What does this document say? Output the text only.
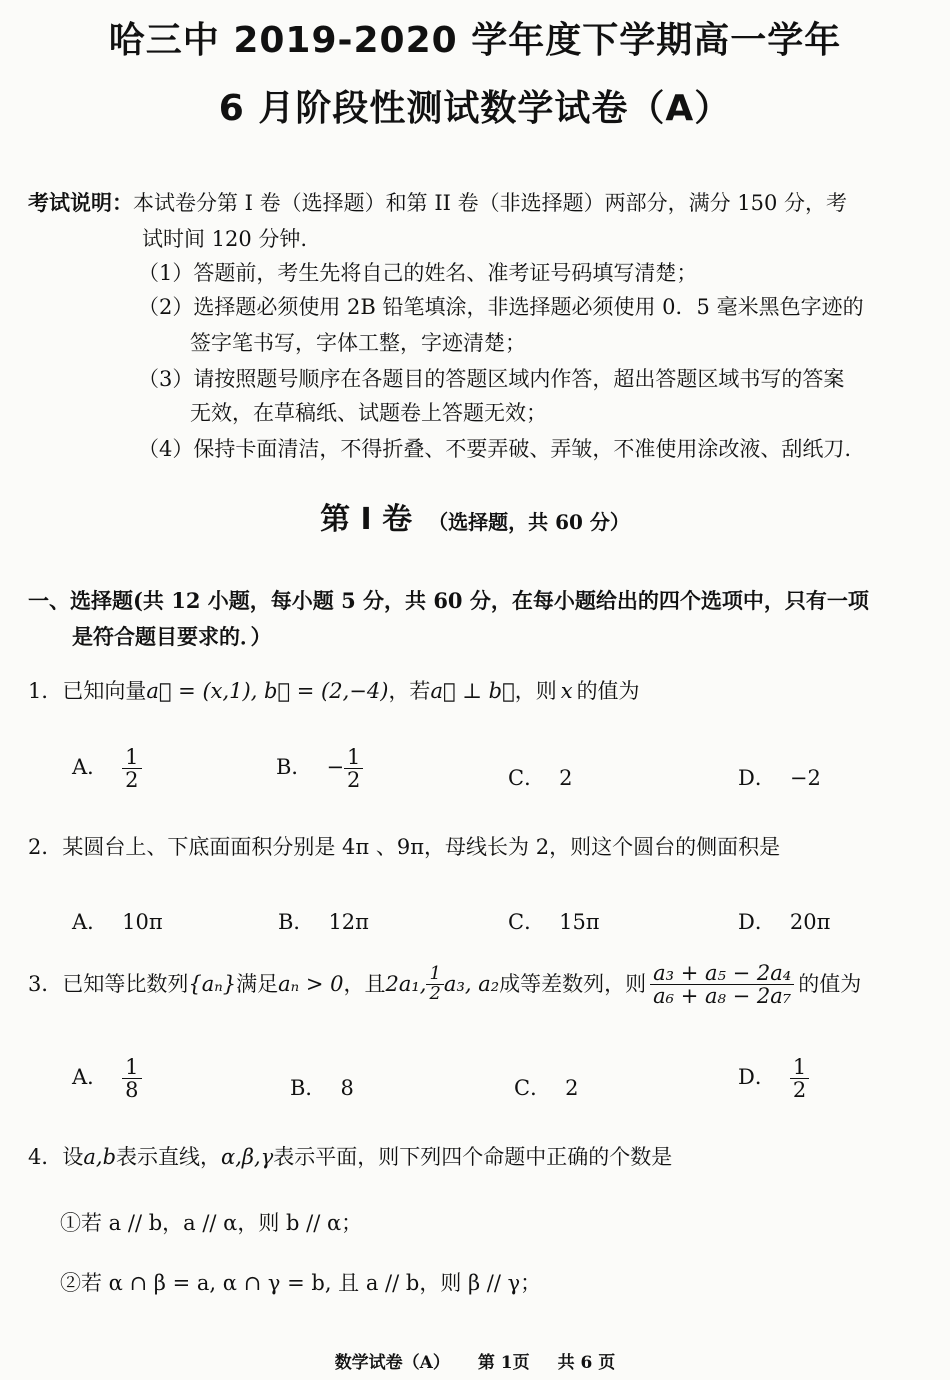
哈三中 2019-2020 学年度下学期高一学年
6 月阶段性测试数学试卷（A）
考试说明：本试卷分第 I 卷（选择题）和第 II 卷（非选择题）两部分，满分 150 分，考
试时间 120 分钟.
（1）答题前，考生先将自己的姓名、准考证号码填写清楚；
（2）选择题必须使用 2B 铅笔填涂，非选择题必须使用 0．5 毫米黑色字迹的
签字笔书写，字体工整，字迹清楚；
（3）请按照题号顺序在各题目的答题区域内作答，超出答题区域书写的答案
无效，在草稿纸、试题卷上答题无效；
（4）保持卡面清洁，不得折叠、不要弄破、弄皱，不准使用涂改液、刮纸刀.
第 I 卷 （选择题，共 60 分）
一、选择题(共 12 小题，每小题 5 分，共 60 分，在每小题给出的四个选项中，只有一项
是符合题目要求的．）
1．已知向量a⃗ = (x,1), b⃗ = (2,−4)，若a⃗ ⊥ b⃗，则 x 的值为
A． $\frac{1}{2}$	B． − $\frac{1}{2}$	C． 2	D． −2
2．某圆台上、下底面面积分别是 4π 、9π，母线长为 2，则这个圆台的侧面积是
A． 10π	B． 12π	C． 15π	D． 20π
3． 已知等比数列 {aₙ} 满足 aₙ > 0 ，且 2a₁, $\frac{1}{2} a_3$, a₂ 成等差数列，则 $\frac{\text{a₃ + a₅ − 2a₄}}{\text{a₆ + a₈ − 2a₇}}$ 的值为
A． $\frac{1}{8}$	B． 8	C． 2	D． $\frac{1}{2}$
4．设a,b表示直线，α,β,γ表示平面，则下列四个命题中正确的个数是
①若 a // b，a // α，则 b // α；
②若 α ∩ β = a, α ∩ γ = b, 且 a // b，则 β // γ；
数学试卷（A） 第 1页 共 6 页
